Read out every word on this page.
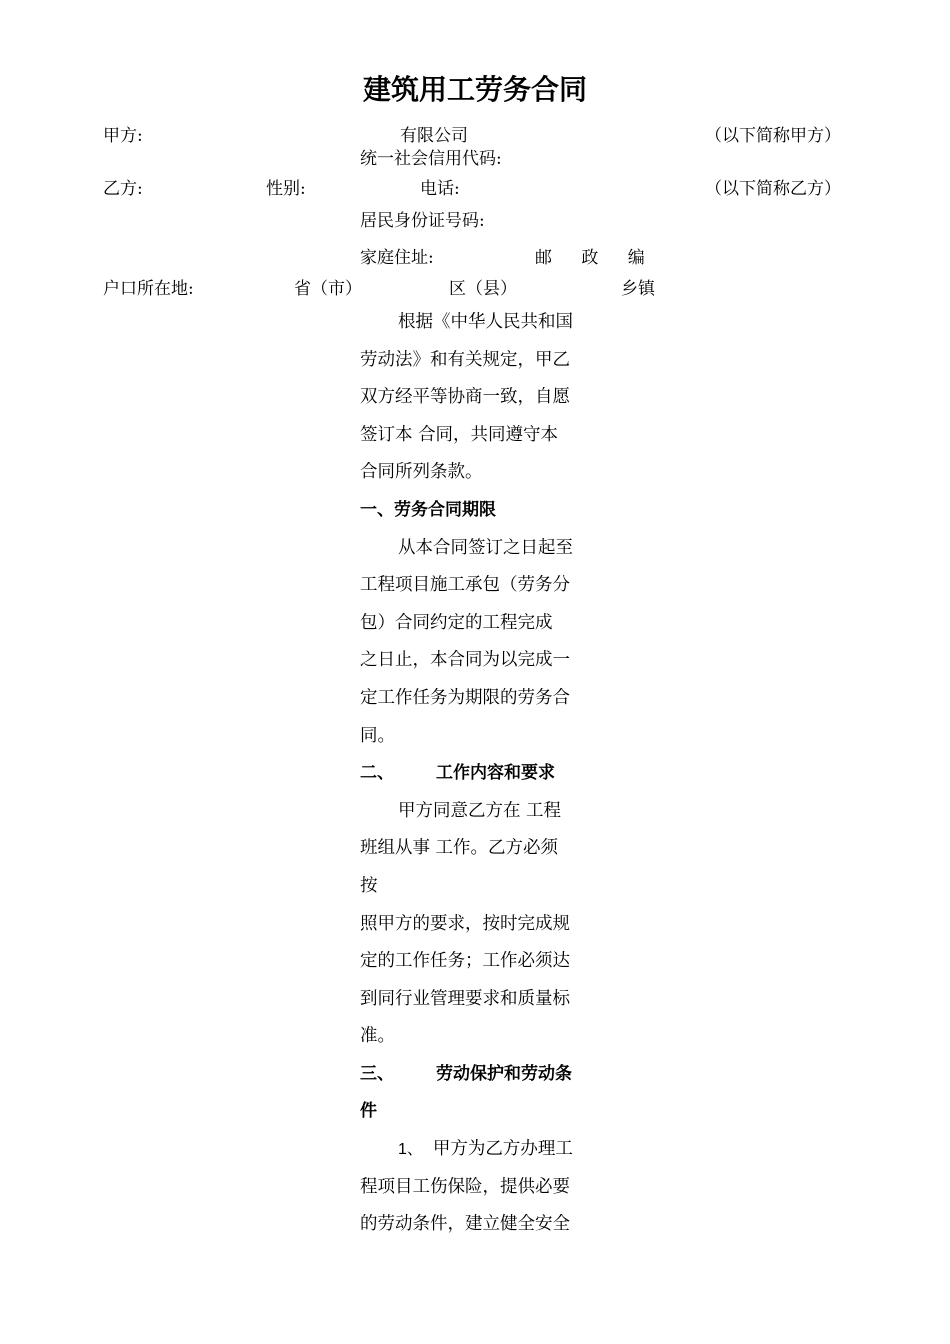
建筑用工劳务合同
甲方:	有限公司	（以下简称甲方）
统一社会信用代码:
乙方:	性别:	电话:	（以下简称乙方）
居民身份证号码:
家庭住址:	邮 政 编
户口所在地:	省（市）	区（县）	乡镇

根据《中华人民共和国

劳动法》和有关规定，甲乙

双方经平等协商一致，自愿

签订本 合同，共同遵守本

合同所列条款。

一、劳务合同期限

从本合同签订之日起至

工程项目施工承包（劳务分

包）合同约定的工程完成

之日止，本合同为以完成一

定工作任务为期限的劳务合

同。

二、 工作内容和要求

甲方同意乙方在 工程

班组从事 工作。乙方必须

按

照甲方的要求，按时完成规

定的工作任务；工作必须达

到同行业管理要求和质量标

准。

三、 劳动保护和劳动条

件

1、 甲方为乙方办理工

程项目工伤保险，提供必要

的劳动条件，建立健全安全
